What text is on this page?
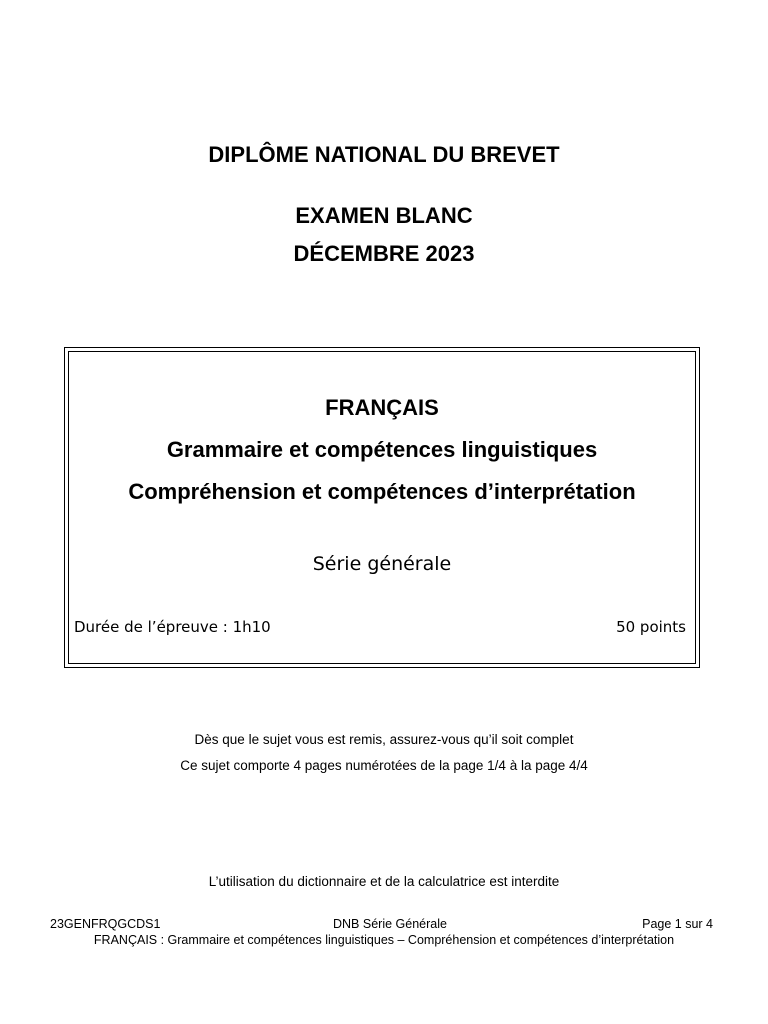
DIPLÔME NATIONAL DU BREVET
EXAMEN BLANC
DÉCEMBRE 2023
FRANÇAIS
Grammaire et compétences linguistiques
Compréhension et compétences d’interprétation
Série générale
Durée de l’épreuve : 1h10	50 points
Dès que le sujet vous est remis, assurez-vous qu’il soit complet
Ce sujet comporte 4 pages numérotées de la page 1/4 à la page 4/4
L’utilisation du dictionnaire et de la calculatrice est interdite
23GENFRQGCDS1	DNB Série Générale	Page 1 sur 4
FRANÇAIS : Grammaire et compétences linguistiques – Compréhension et compétences d’interprétation
